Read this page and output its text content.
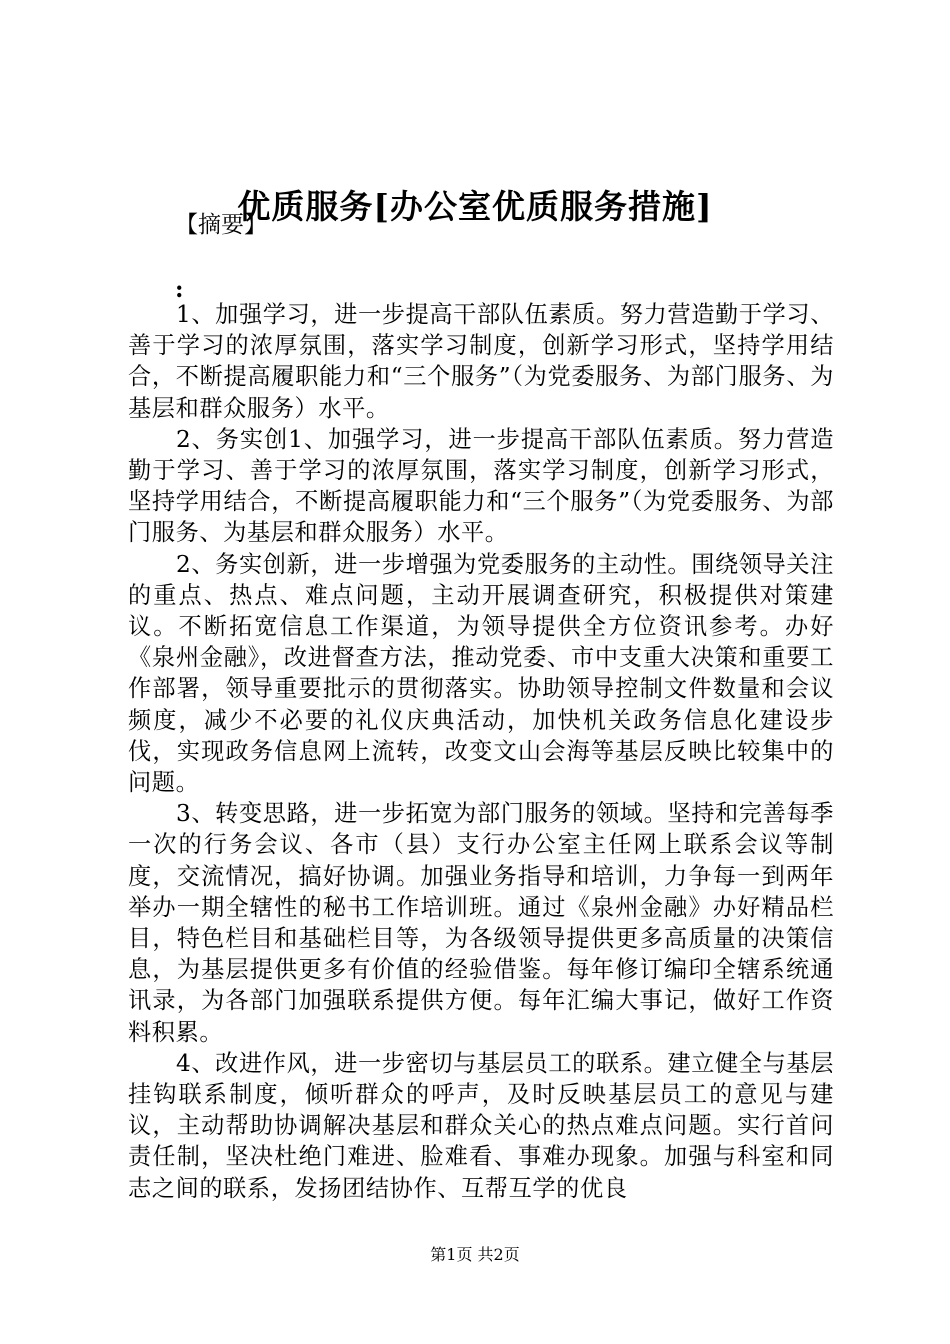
优质服务[办公室优质服务措施]
【摘要】
:

1、加强学习，进一步提高干部队伍素质。努力营造勤于学习、善于学习的浓厚氛围，落实学习制度，创新学习形式，坚持学用结合，不断提高履职能力和“三个服务”（为党委服务、为部门服务、为基层和群众服务）水平。

2、务实创1、加强学习，进一步提高干部队伍素质。努力营造勤于学习、善于学习的浓厚氛围，落实学习制度，创新学习形式，坚持学用结合，不断提高履职能力和“三个服务”（为党委服务、为部门服务、为基层和群众服务）水平。

2、务实创新，进一步增强为党委服务的主动性。围绕领导关注的重点、热点、难点问题，主动开展调查研究，积极提供对策建议。不断拓宽信息工作渠道，为领导提供全方位资讯参考。办好《泉州金融》，改进督查方法，推动党委、市中支重大决策和重要工作部署，领导重要批示的贯彻落实。协助领导控制文件数量和会议频度，减少不必要的礼仪庆典活动，加快机关政务信息化建设步伐，实现政务信息网上流转，改变文山会海等基层反映比较集中的问题。

3、转变思路，进一步拓宽为部门服务的领域。坚持和完善每季一次的行务会议、各市（县）支行办公室主任网上联系会议等制度，交流情况，搞好协调。加强业务指导和培训，力争每一到两年举办一期全辖性的秘书工作培训班。通过《泉州金融》办好精品栏目，特色栏目和基础栏目等，为各级领导提供更多高质量的决策信息，为基层提供更多有价值的经验借鉴。每年修订编印全辖系统通讯录，为各部门加强联系提供方便。每年汇编大事记，做好工作资料积累。

4、改进作风，进一步密切与基层员工的联系。建立健全与基层挂钩联系制度，倾听群众的呼声，及时反映基层员工的意见与建议，主动帮助协调解决基层和群众关心的热点难点问题。实行首问责任制，坚决杜绝门难进、脸难看、事难办现象。加强与科室和同志之间的联系，发扬团结协作、互帮互学的优良

第1页 共2页
